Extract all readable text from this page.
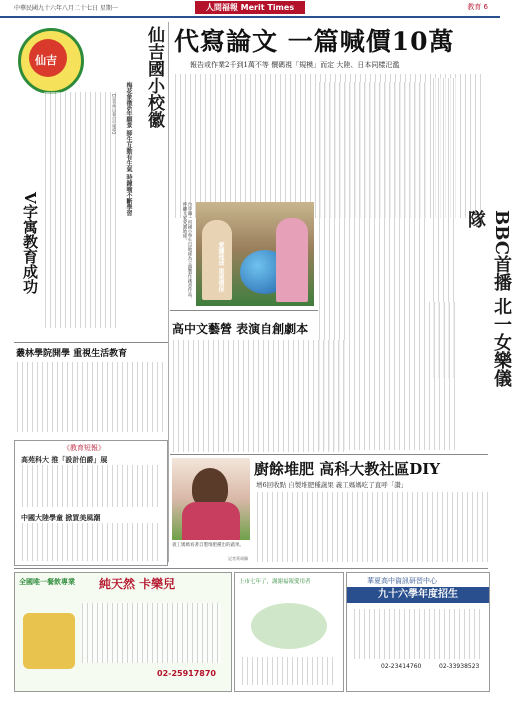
中華民國九十六年八月二十七日 星期一	人間福報 Merit Times	教育 6
仙吉	仙吉國小校徽
V字寓教育成功
梅花象徵6年願景 師生互動有生氣 時鐘喻不斷學習
【記者林以蓁台中報導】
代寫論文 一篇喊價10萬
報告或作業2千到1萬不等 價碼視「規模」而定 大陸、日本同樣氾濫
愛護地球 重視環保
台中縣一所國小學生以地球為主題製作創意作品，呼籲大家愛護地球。	BBC首播 北一女樂儀隊
高中文藝營 表演自創劇本
叢林學院開學 重視生活教育
《教育短報》
高苑科大 推「設計伯爵」展
中國大陸學童 掀買美風潮
廚餘堆肥 高科大教社區DIY
增6回收點 自製堆肥種蔬果 義工媽媽吃了直呼「讚」
義工媽媽看著自製堆肥種出的蔬果。
記者黃靖攝
全國唯一餐飲專業 純天然 卡樂兒
02-25917870
上市七年了，謝謝福報愛用者	華夏高中資訊研習中心
九十六學年度招生
02-23414760	02-33938523
